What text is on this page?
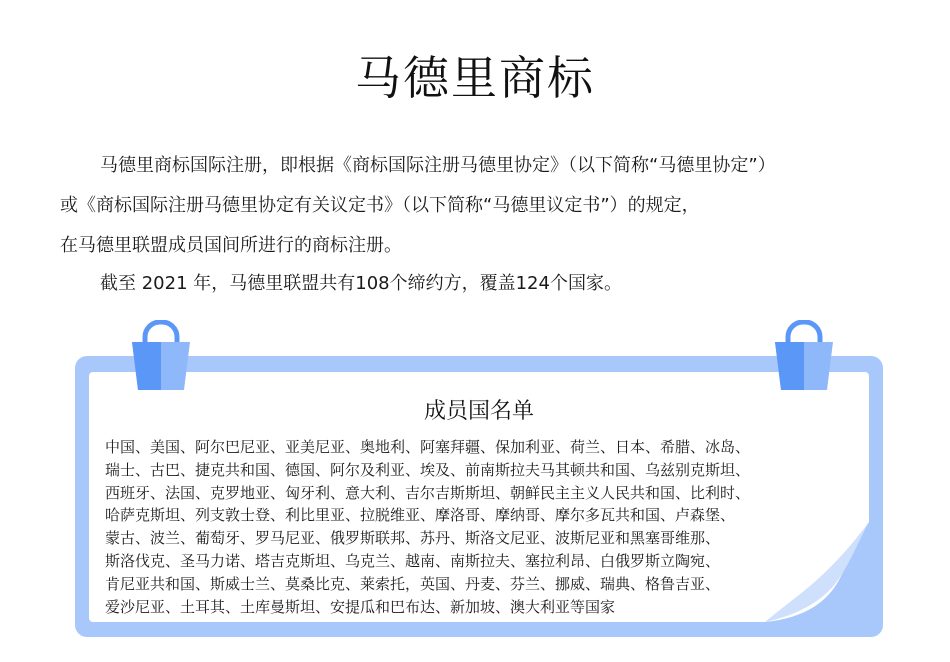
马德里商标

马德里商标国际注册，即根据《商标国际注册马德里协定》（以下简称“马德里协定”）

或《商标国际注册马德里协定有关议定书》（以下简称“马德里议定书”）的规定，

在马德里联盟成员国间所进行的商标注册。

截至 2021 年，马德里联盟共有108个缔约方，覆盖124个国家。
成员国名单
中国、美国、阿尔巴尼亚、亚美尼亚、奥地利、阿塞拜疆、保加利亚、荷兰、日本、希腊、冰岛、
瑞士、古巴、捷克共和国、德国、阿尔及利亚、埃及、前南斯拉夫马其顿共和国、乌兹别克斯坦、
西班牙、法国、克罗地亚、匈牙利、意大利、吉尔吉斯斯坦、朝鲜民主主义人民共和国、比利时、
哈萨克斯坦、列支敦士登、利比里亚、拉脱维亚、摩洛哥、摩纳哥、摩尔多瓦共和国、卢森堡、
蒙古、波兰、葡萄牙、罗马尼亚、俄罗斯联邦、苏丹、斯洛文尼亚、波斯尼亚和黑塞哥维那、
斯洛伐克、圣马力诺、塔吉克斯坦、乌克兰、越南、南斯拉夫、塞拉利昂、白俄罗斯立陶宛、
肯尼亚共和国、斯威士兰、莫桑比克、莱索托，英国、丹麦、芬兰、挪威、瑞典、格鲁吉亚、
爱沙尼亚、土耳其、土库曼斯坦、安提瓜和巴布达、新加坡、澳大利亚等国家
